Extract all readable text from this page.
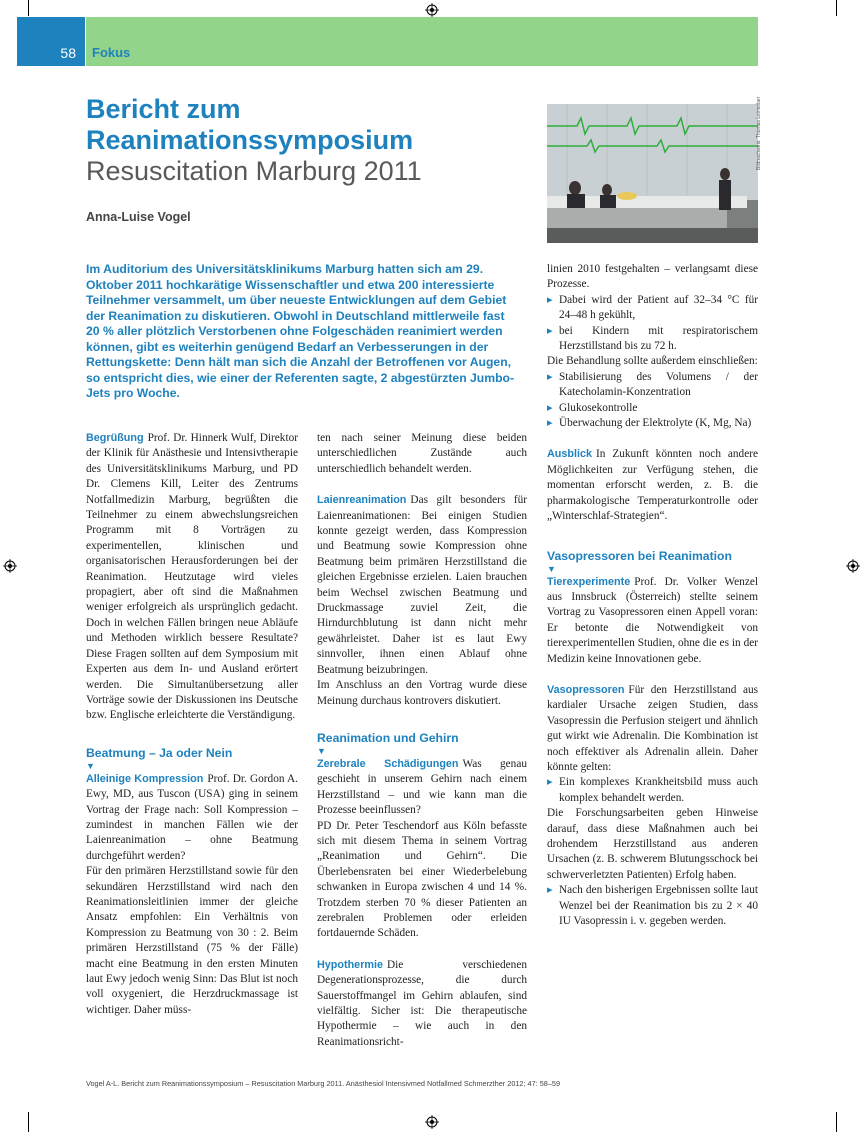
58 Fokus
Bericht zum
Reanimationssymposium
Resuscitation Marburg 2011
Anna-Luise Vogel
Bildnachweis: Thomas Leimeiber
Im Auditorium des Universitätsklinikums Marburg hatten sich am 29. Oktober 2011 hochkarätige Wissenschaftler und etwa 200 interessierte Teilnehmer versammelt, um über neueste Entwicklungen auf dem Gebiet der Reanimation zu diskutieren. Obwohl in Deutschland mittlerweile fast 20 % aller plötzlich Verstorbenen ohne Folgeschäden reanimiert werden können, gibt es weiterhin genügend Bedarf an Verbesserungen in der Rettungskette: Denn hält man sich die Anzahl der Betroffenen vor Augen, so entspricht dies, wie einer der Referenten sagte, 2 abgestürzten Jumbo-Jets pro Woche.

Begrüßung Prof. Dr. Hinnerk Wulf, Direktor der Klinik für Anästhesie und Intensivtherapie des Universitätsklinikums Marburg, und PD Dr. Clemens Kill, Leiter des Zentrums Notfallmedizin Marburg, begrüßten die Teilnehmer zu einem abwechslungsreichen Programm mit 8 Vorträgen zu experimentellen, klinischen und organisatorischen Herausforderungen bei der Reanimation. Heutzutage wird vieles propagiert, aber oft sind die Maßnahmen weniger erfolgreich als ursprünglich gedacht. Doch in welchen Fällen bringen neue Abläufe und Methoden wirklich bessere Resultate? Diese Fragen sollten auf dem Symposium mit Experten aus dem In- und Ausland erörtert werden. Die Simultanübersetzung aller Vorträge sowie der Diskussionen ins Deutsche bzw. Englische erleichterte die Verständigung.

Beatmung – Ja oder Nein

▼

Alleinige Kompression Prof. Dr. Gordon A. Ewy, MD, aus Tuscon (USA) ging in seinem Vortrag der Frage nach: Soll Kompression – zumindest in manchen Fällen wie der Laienreanimation – ohne Beatmung durchgeführt werden?

Für den primären Herzstillstand sowie für den sekundären Herzstillstand wird nach den Reanimationsleitlinien immer der gleiche Ansatz empfohlen: Ein Verhältnis von Kompression zu Beatmung von 30 : 2. Beim primären Herzstillstand (75 % der Fälle) macht eine Beatmung in den ersten Minuten laut Ewy jedoch wenig Sinn: Das Blut ist noch voll oxygeniert, die Herzdruckmassage ist wichtiger. Daher müss-

ten nach seiner Meinung diese beiden unterschiedlichen Zustände auch unterschiedlich behandelt werden.

Laienreanimation Das gilt besonders für Laienreanimationen: Bei einigen Studien konnte gezeigt werden, dass Kompression und Beatmung sowie Kompression ohne Beatmung beim primären Herzstillstand die gleichen Ergebnisse erzielen. Laien brauchen beim Wechsel zwischen Beatmung und Druckmassage zuviel Zeit, die Hirndurchblutung ist dann nicht mehr gewährleistet. Daher ist es laut Ewy sinnvoller, ihnen einen Ablauf ohne Beatmung beizubringen.

Im Anschluss an den Vortrag wurde diese Meinung durchaus kontrovers diskutiert.

Reanimation und Gehirn

▼

Zerebrale Schädigungen Was genau geschieht in unserem Gehirn nach einem Herzstillstand – und wie kann man die Prozesse beeinflussen?

PD Dr. Peter Teschendorf aus Köln befasste sich mit diesem Thema in seinem Vortrag „Reanimation und Gehirn“. Die Überlebensraten bei einer Wiederbelebung schwanken in Europa zwischen 4 und 14 %. Trotzdem sterben 70 % dieser Patienten an zerebralen Problemen oder erleiden fortdauernde Schäden.

Hypothermie Die verschiedenen Degenerationsprozesse, die durch Sauerstoffmangel im Gehirn ablaufen, sind vielfältig. Sicher ist: Die therapeutische Hypothermie – wie auch in den Reanimationsricht-

linien 2010 festgehalten – verlangsamt diese Prozesse.

▸ Dabei wird der Patient auf 32–34 °C für 24–48 h gekühlt,
▸ bei Kindern mit respiratorischem Herzstillstand bis zu 72 h.

Die Behandlung sollte außerdem einschließen:

▸ Stabilisierung des Volumens / der Katecholamin-Konzentration
▸ Glukosekontrolle
▸ Überwachung der Elektrolyte (K, Mg, Na)

Ausblick In Zukunft könnten noch andere Möglichkeiten zur Verfügung stehen, die momentan erforscht werden, z. B. die pharmakologische Temperaturkontrolle oder „Winterschlaf-Strategien“.

Vasopressoren bei Reanimation

▼

Tierexperimente Prof. Dr. Volker Wenzel aus Innsbruck (Österreich) stellte seinem Vortrag zu Vasopressoren einen Appell voran: Er betonte die Notwendigkeit von tierexperimentellen Studien, ohne die es in der Medizin keine Innovationen gebe.

Vasopressoren Für den Herzstillstand aus kardialer Ursache zeigen Studien, dass Vasopressin die Perfusion steigert und ähnlich gut wirkt wie Adrenalin. Die Kombination ist noch effektiver als Adrenalin allein. Daher könnte gelten:

▸ Ein komplexes Krankheitsbild muss auch komplex behandelt werden.

Die Forschungsarbeiten geben Hinweise darauf, dass diese Maßnahmen auch bei drohendem Herzstillstand aus anderen Ursachen (z. B. schwerem Blutungsschock bei schwerverletzten Patienten) Erfolg haben.

▸ Nach den bisherigen Ergebnissen sollte laut Wenzel bei der Reanimation bis zu 2 × 40 IU Vasopressin i. v. gegeben werden.
Vogel A-L. Bericht zum Reanimationssymposium – Resuscitation Marburg 2011. Anästhesiol Intensivmed Notfallmed Schmerzther 2012; 47: 58–59
